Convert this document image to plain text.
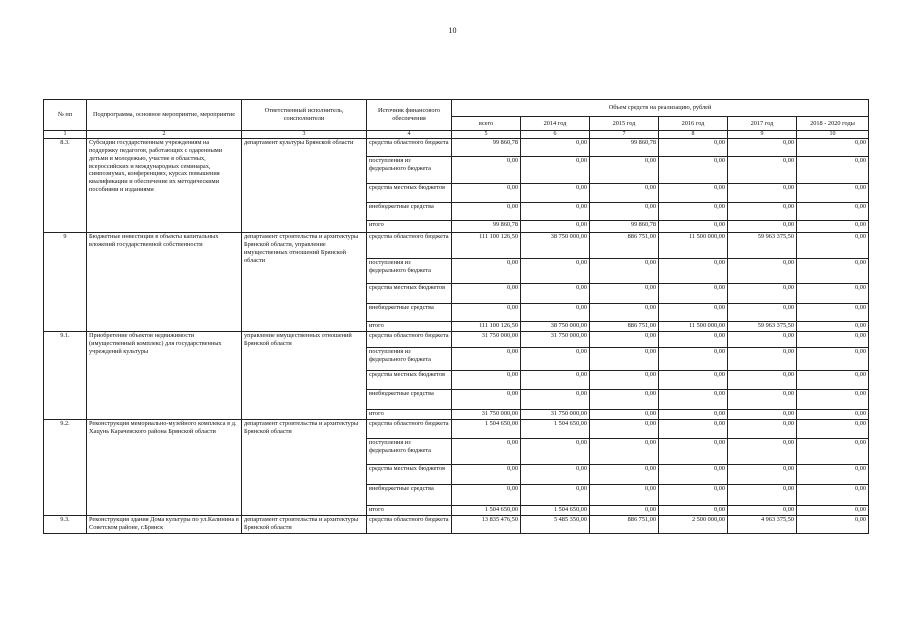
10
№ пп	Подпрограмма, основное мероприятие, мероприятие	Ответственный исполнитель, соисполнители	Источник финансового обеспечения	Объем средств на реализацию, рублей					
				всего	2014 год	2015 год	2016 год	2017 год	2018 - 2020 годы
1	2	3	4	5	6	7	8	9	10
8.3.	Субсидии государственным учреждениям на поддержку педагогов, работающих с одаренными детьми и молодежью, участие в областных, всероссийских и международных семинарах, симпозиумах, конференциях, курсах повышения квалификации и обеспечение их методическими пособиями и изданиями	департамент культуры Брянской области	средства областного бюджета	99 860,78	0,00	99 860,78	0,00	0,00	0,00
			поступления из федерального бюджета	0,00	0,00	0,00	0,00	0,00	0,00
			средства местных бюджетов	0,00	0,00	0,00	0,00	0,00	0,00
			внебюджетные средства	0,00	0,00	0,00	0,00	0,00	0,00
			итого	99 860,78	0,00	99 860,78	0,00	0,00	0,00
9	Бюджетные инвестиции в объекты капитальных вложений государственной собственности	департамент строительства и архитектуры Брянской области, управление имущественных отношений Брянской области	средства областного бюджета	111 100 126,50	38 750 000,00	886 751,00	11 500 000,00	59 963 375,50	0,00
			поступления из федерального бюджета	0,00	0,00	0,00	0,00	0,00	0,00
			средства местных бюджетов	0,00	0,00	0,00	0,00	0,00	0,00
			внебюджетные средства	0,00	0,00	0,00	0,00	0,00	0,00
			итого	111 100 126,50	38 750 000,00	886 751,00	11 500 000,00	59 963 375,50	0,00
9.1.	Приобретение объектов недвижимости (имущественный комплекс) для государственных учреждений культуры	управление имущественных отношений Брянской области	средства областного бюджета	31 750 000,00	31 750 000,00	0,00	0,00	0,00	0,00
			поступления из федерального бюджета	0,00	0,00	0,00	0,00	0,00	0,00
			средства местных бюджетов	0,00	0,00	0,00	0,00	0,00	0,00
			внебюджетные средства	0,00	0,00	0,00	0,00	0,00	0,00
			итого	31 750 000,00	31 750 000,00	0,00	0,00	0,00	0,00
9.2.	Реконструкция мемориально-музейного комплекса в д. Хацунь Карачевского района Брянской области	департамент строительства и архитектуры Брянской области	средства областного бюджета	1 504 650,00	1 504 650,00	0,00	0,00	0,00	0,00
			поступления из федерального бюджета	0,00	0,00	0,00	0,00	0,00	0,00
			средства местных бюджетов	0,00	0,00	0,00	0,00	0,00	0,00
			внебюджетные средства	0,00	0,00	0,00	0,00	0,00	0,00
			итого	1 504 650,00	1 504 650,00	0,00	0,00	0,00	0,00
9.3.	Реконструкция здания Дома культуры по ул.Калинина в Советском районе, г.Брянск	департамент строительства и архитектуры Брянской области	средства областного бюджета	13 835 476,50	5 485 350,00	886 751,00	2 500 000,00	4 963 375,50	0,00
